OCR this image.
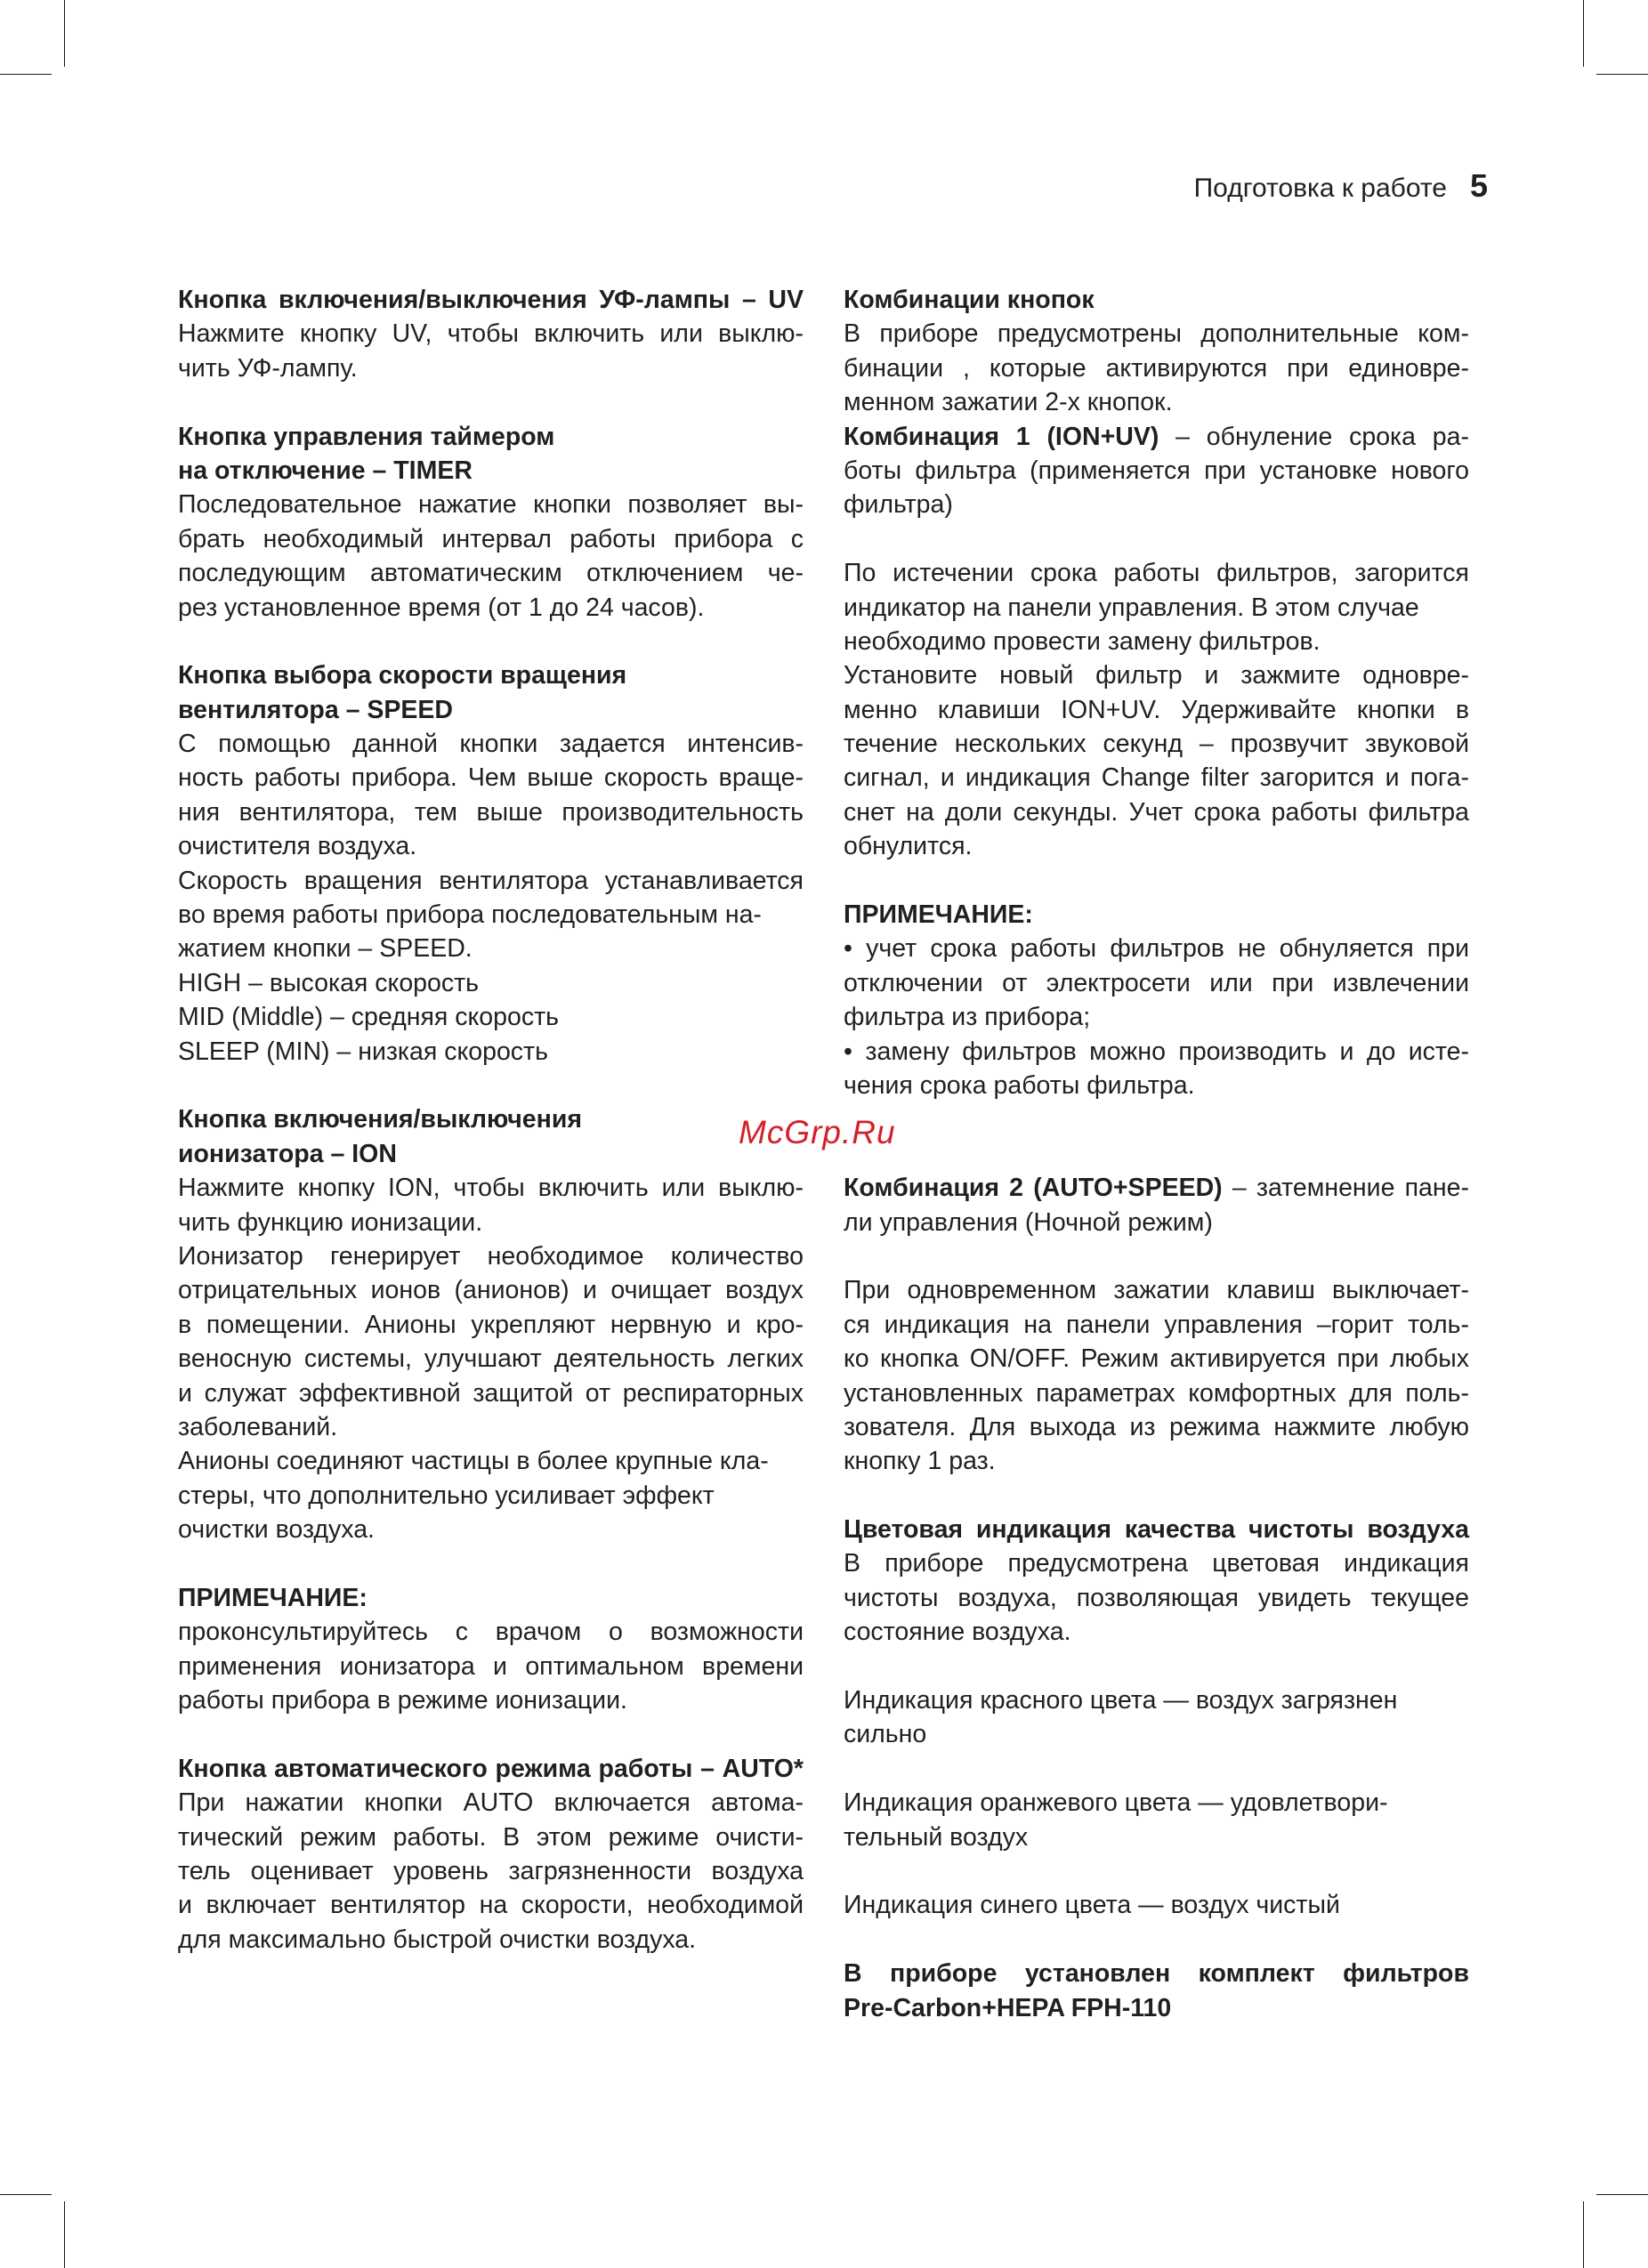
Подготовка к работе 5
Кнопка включения/выключения УФ-лампы – UV
Нажмите кнопку UV, чтобы включить или выклю-
чить УФ-лампу.
Кнопка управления таймером
на отключение – TIMER
Последовательное нажатие кнопки позволяет вы-
брать необходимый интервал работы прибора с
последующим автоматическим отключением че-
рез установленное время (от 1 до 24 часов).
Кнопка выбора скорости вращения
вентилятора – SPEED
С помощью данной кнопки задается интенсив-
ность работы прибора. Чем выше скорость враще-
ния вентилятора, тем выше производительность
очистителя воздуха.
Скорость вращения вентилятора устанавливается
во время работы прибора последовательным на-
жатием кнопки – SPEED.
HIGH – высокая скорость
MID (Middle) – средняя скорость
SLEEP (MIN) – низкая скорость
Кнопка включения/выключения
ионизатора – ION
Нажмите кнопку ION, чтобы включить или выклю-
чить функцию ионизации.
Ионизатор генерирует необходимое количество
отрицательных ионов (анионов) и очищает воздух
в помещении. Анионы укрепляют нервную и кро-
веносную системы, улучшают деятельность легких
и служат эффективной защитой от респираторных
заболеваний.
Анионы соединяют частицы в более крупные кла-
стеры, что дополнительно усиливает эффект
очистки воздуха.
ПРИМЕЧАНИЕ:
проконсультируйтесь с врачом о возможности
применения ионизатора и оптимальном времени
работы прибора в режиме ионизации.
Кнопка автоматического режима работы – AUTO*
При нажатии кнопки AUTO включается автома-
тический режим работы. В этом режиме очисти-
тель оценивает уровень загрязненности воздуха
и включает вентилятор на скорости, необходимой
для максимально быстрой очистки воздуха.
Комбинации кнопок
В приборе предусмотрены дополнительные ком-
бинации , которые активируются при единовре-
менном зажатии 2-х кнопок.
Комбинация 1 (ION+UV) – обнуление срока ра-
боты фильтра (применяется при установке нового
фильтра)
По истечении срока работы фильтров, загорится
индикатор на панели управления. В этом случае
необходимо провести замену фильтров.
Установите новый фильтр и зажмите одновре-
менно клавиши ION+UV. Удерживайте кнопки в
течение нескольких секунд – прозвучит звуковой
сигнал, и индикация Change filter загорится и пога-
снет на доли секунды. Учет срока работы фильтра
обнулится.
ПРИМЕЧАНИЕ:
• учет срока работы фильтров не обнуляется при
отключении от электросети или при извлечении
фильтра из прибора;
• замену фильтров можно производить и до исте-
чения срока работы фильтра.
Комбинация 2 (AUTO+SPEED) – затемнение пане-
ли управления (Ночной режим)
При одновременном зажатии клавиш выключает-
ся индикация на панели управления –горит толь-
ко кнопка ON/OFF. Режим активируется при любых
установленных параметрах комфортных для поль-
зователя. Для выхода из режима нажмите любую
кнопку 1 раз.
Цветовая индикация качества чистоты воздуха
В приборе предусмотрена цветовая индикация
чистоты воздуха, позволяющая увидеть текущее
состояние воздуха.
Индикация красного цвета — воздух загрязнен
сильно
Индикация оранжевого цвета — удовлетвори-
тельный воздух
Индикация синего цвета — воздух чистый
В приборе установлен комплект фильтров
Pre-Carbon+HEPA FPH-110
McGrp.Ru
